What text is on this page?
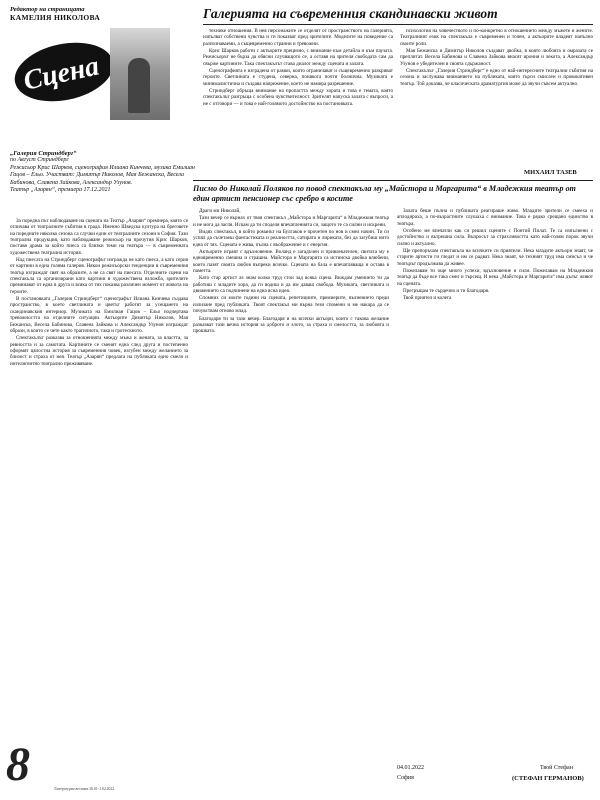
Редактор на страницата
КАМЕЛИЯ НИКОЛОВА
Сцена
„Галерия Стриндберг“
по Август Стриндберг
Режисьор Крис Шарков, сценография Илиана Кинчева, музика Емилиан Гацов – Ельо. Участват: Димитър Николов, Мая Бежанска, Весела Бабинова, Славена Зайкова, Александър Узунов.
Театър „Азарян“, премиера 17.12.2021

За поредна път наблюдаване на сцената на Театър „Азарян“ премиера, която се отличава от театралните събития в града. Именно Шведска култура на бреговете на поредните няколко сезона са случки един от театралните сезони в София. Тази театрална продукция, като наблюдаване режисьор на прочутия Крис Шарков, поставя драма за който пиеса са близки теми на театъра — в съвременната художествена театрална история.

Над пиесата на Стриндберг сценографът изгражда не като пиеса, а като серия от картини в една голяма галерия. Някои режисьорски тенденции в съвременния театър изграждат свят на образите, а не са свят на пиесата. Отделните сцени на спектакъла са организирани като картини в художествена изложба, зрителите преминават от една в друга и всяка от тях показва различен момент от живота на героите.

В постановката „Галерия Стриндберг“ сценографът Илиана Кинчева създава пространство, в което светлината и цветът работят за усещането на скандинавския интериор. Музиката на Емилиан Гацов – Ельо подчертава тревожността на отделните ситуации. Актьорите Димитър Николов, Мая Бежанска, Весела Бабинова, Славена Зайкова и Александър Узунов изграждат образи, в които се чете както трагичното, така и гротескното.

Спектакълът разказва за отношенията между мъжа и жената, за властта, за ревността и за самотата. Картините се сменят една след друга и постепенно оформят цялостна история за съвременния човек, изгубен между желанието за близост и страха от нея. Театър „Азарян“ предлага на публиката едно смело и интелигентно театрално преживяване.

8	Литературен вестник 26.01-1.02.2022
Галерията на съвременния скандинавски живот

технике отношения. В нея персонажите се отделят от пространството на галерията, изпълват собствени чувства и ги показват пред зрителите. Моделите на поведение са разпознаваеми, а същевременно странни и тревожни.

Крис Шарков работи с актьорите прецизно, с внимание към детайла и към паузата. Режисьорът не бърза да обясни случващото се, а оставя на зрителя свободата сам да свърже картините. Така спектакълът става диалог между сцената и залата.

Сценографията е изградена от рамки, които ограничават и същевременно разкриват героите. Светлината е студена, северна, понякога почти болнична. Музиката е минималистична и създава напрежение, което не намира разрешение.

Стриндберг обръща внимание на пропастта между хората и това е темата, която спектакълът разгръща с особена чувствителност. Зрителят напуска залата с въпроси, а не с отговори — и това е най-голямото достойнство на постановката.

психология на човечеството и по-конкретно в отношението между мъжете и жените. Театралният език на спектакъла е съвременен и точен, а актьорите владеят напълно своите роли.

Мая Бежанска и Димитър Николов създават двойка, в която любовта и омразата се преплитат. Весела Бабинова и Славена Зайкова внасят ирония и лекота, а Александър Узунов е убедителен в своята сдържаност.

Спектакълът „Галерия Стриндберг“ е едно от най-интересните театрални събития на сезона и заслужава вниманието на публиката, която търси смислен и провокативен театър. Той доказва, че класическата драматургия може да звучи съвсем актуално.

МИХАИЛ ТАЗЕВ
Писмо до Николай Поляков по повод спектакъла му „Майстора и Маргарита“ в Младежкия театър от един артист пенсионер със сребро в косите

Драги ми Николай,

Тази вечер се върнах от твоя спектакъл „Майстора и Маргарита“ в Младежкия театър и не мога да заспя. Искам да ти споделя впечатленията си, защото те са силни и искрени.

Видях спектакъл, в който романът на Булгаков е прочетен по нов и смел начин. Ти си успял да съчетаеш фантастиката и реалността, сатирата и лириката, без да загубиш нито една от тях. Сцената е жива, пълна с въображение и с енергия.

Актьорите играят с вдъхновение. Воланд е загадъчен и привлекателен, свитата му е едновременно смешна и страшна. Майстора и Маргарита са истинска двойка влюбени, които пазят своята любов въпреки всичко. Сцената на бала е впечатляваща и остава в паметта.

Като стар артист аз знам колко труд стои зад всяка сцена. Виждам умението ти да работиш с младите хора, да ги водиш и да им даваш свобода. Музиката, светлината и движението са подчинени на една ясна идея.

Спомних си моите години на сцената, репетициите, премиерите, вълнението преди излизане пред публиката. Твоят спектакъл ми върна тези спомени и ме накара да се почувствам отново млад.

Благодаря ти за тази вечер. Благодаря и на всички актьори, които с такова желание разказват тази вечна история за доброто и злото, за страха и смелостта, за любовта и прошката.

Залата беше пълна и публиката реагираше живо. Младите зрители се смееха и аплодираха, а по-възрастните слушаха с внимание. Това е рядко срещано единство в театъра.

Особено ме впечатли как си решил сцените с Понтий Пилат. Те са изпълнени с достойнство и вътрешна сила. Въпросът за страхливостта като най-голям порок звучи силно и актуално.

Ще препоръчам спектакъла на всичките си приятели. Нека младите актьори знаят, че старите артисти ги гледат и им се радват. Нека знаят, че техният труд има смисъл и че театърът продължава да живее.

Пожелавам ти още много успехи, вдъхновение и сили. Пожелавам на Младежкия театър да бъде все така смел и търсещ. И нека „Майстора и Маргарита“ има дълъг живот на сцената.

Прегръщам те сърдечно и ти благодаря.

Твой приятел и колега

04.01.2022
София
Твой Стефан
(СТЕФАН ГЕРМАНОВ)
